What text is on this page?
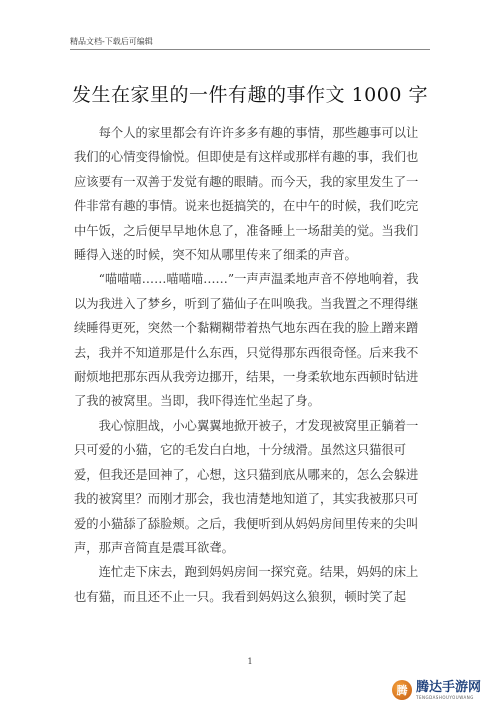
精品文档-下载后可编辑
发生在家里的一件有趣的事作文 1000 字

每个人的家里都会有许许多多有趣的事情，那些趣事可以让我们的心情变得愉悦。但即使是有这样或那样有趣的事，我们也应该要有一双善于发觉有趣的眼睛。而今天，我的家里发生了一件非常有趣的事情。说来也挺搞笑的，在中午的时候，我们吃完中午饭，之后便早早地休息了，准备睡上一场甜美的觉。当我们睡得入迷的时候，突不知从哪里传来了细柔的声音。

“喵喵喵……喵喵喵……”一声声温柔地声音不停地响着，我以为我进入了梦乡，听到了猫仙子在叫唤我。当我置之不理得继续睡得更死，突然一个黏糊糊带着热气地东西在我的脸上蹭来蹭去，我并不知道那是什么东西，只觉得那东西很奇怪。后来我不耐烦地把那东西从我旁边挪开，结果，一身柔软地东西顿时钻进了我的被窝里。当即，我吓得连忙坐起了身。

我心惊胆战，小心翼翼地掀开被子，才发现被窝里正躺着一只可爱的小猫，它的毛发白白地，十分绒滑。虽然这只猫很可爱，但我还是回神了，心想，这只猫到底从哪来的，怎么会躲进我的被窝里？而刚才那会，我也清楚地知道了，其实我被那只可爱的小猫舔了舔脸颊。之后，我便听到从妈妈房间里传来的尖叫声，那声音简直是震耳欲聋。

连忙走下床去，跑到妈妈房间一探究竟。结果，妈妈的床上也有猫，而且还不止一只。我看到妈妈这么狼狈，顿时笑了起

1
腾 腾达手游网
TENGDASHOUYOUWANG
